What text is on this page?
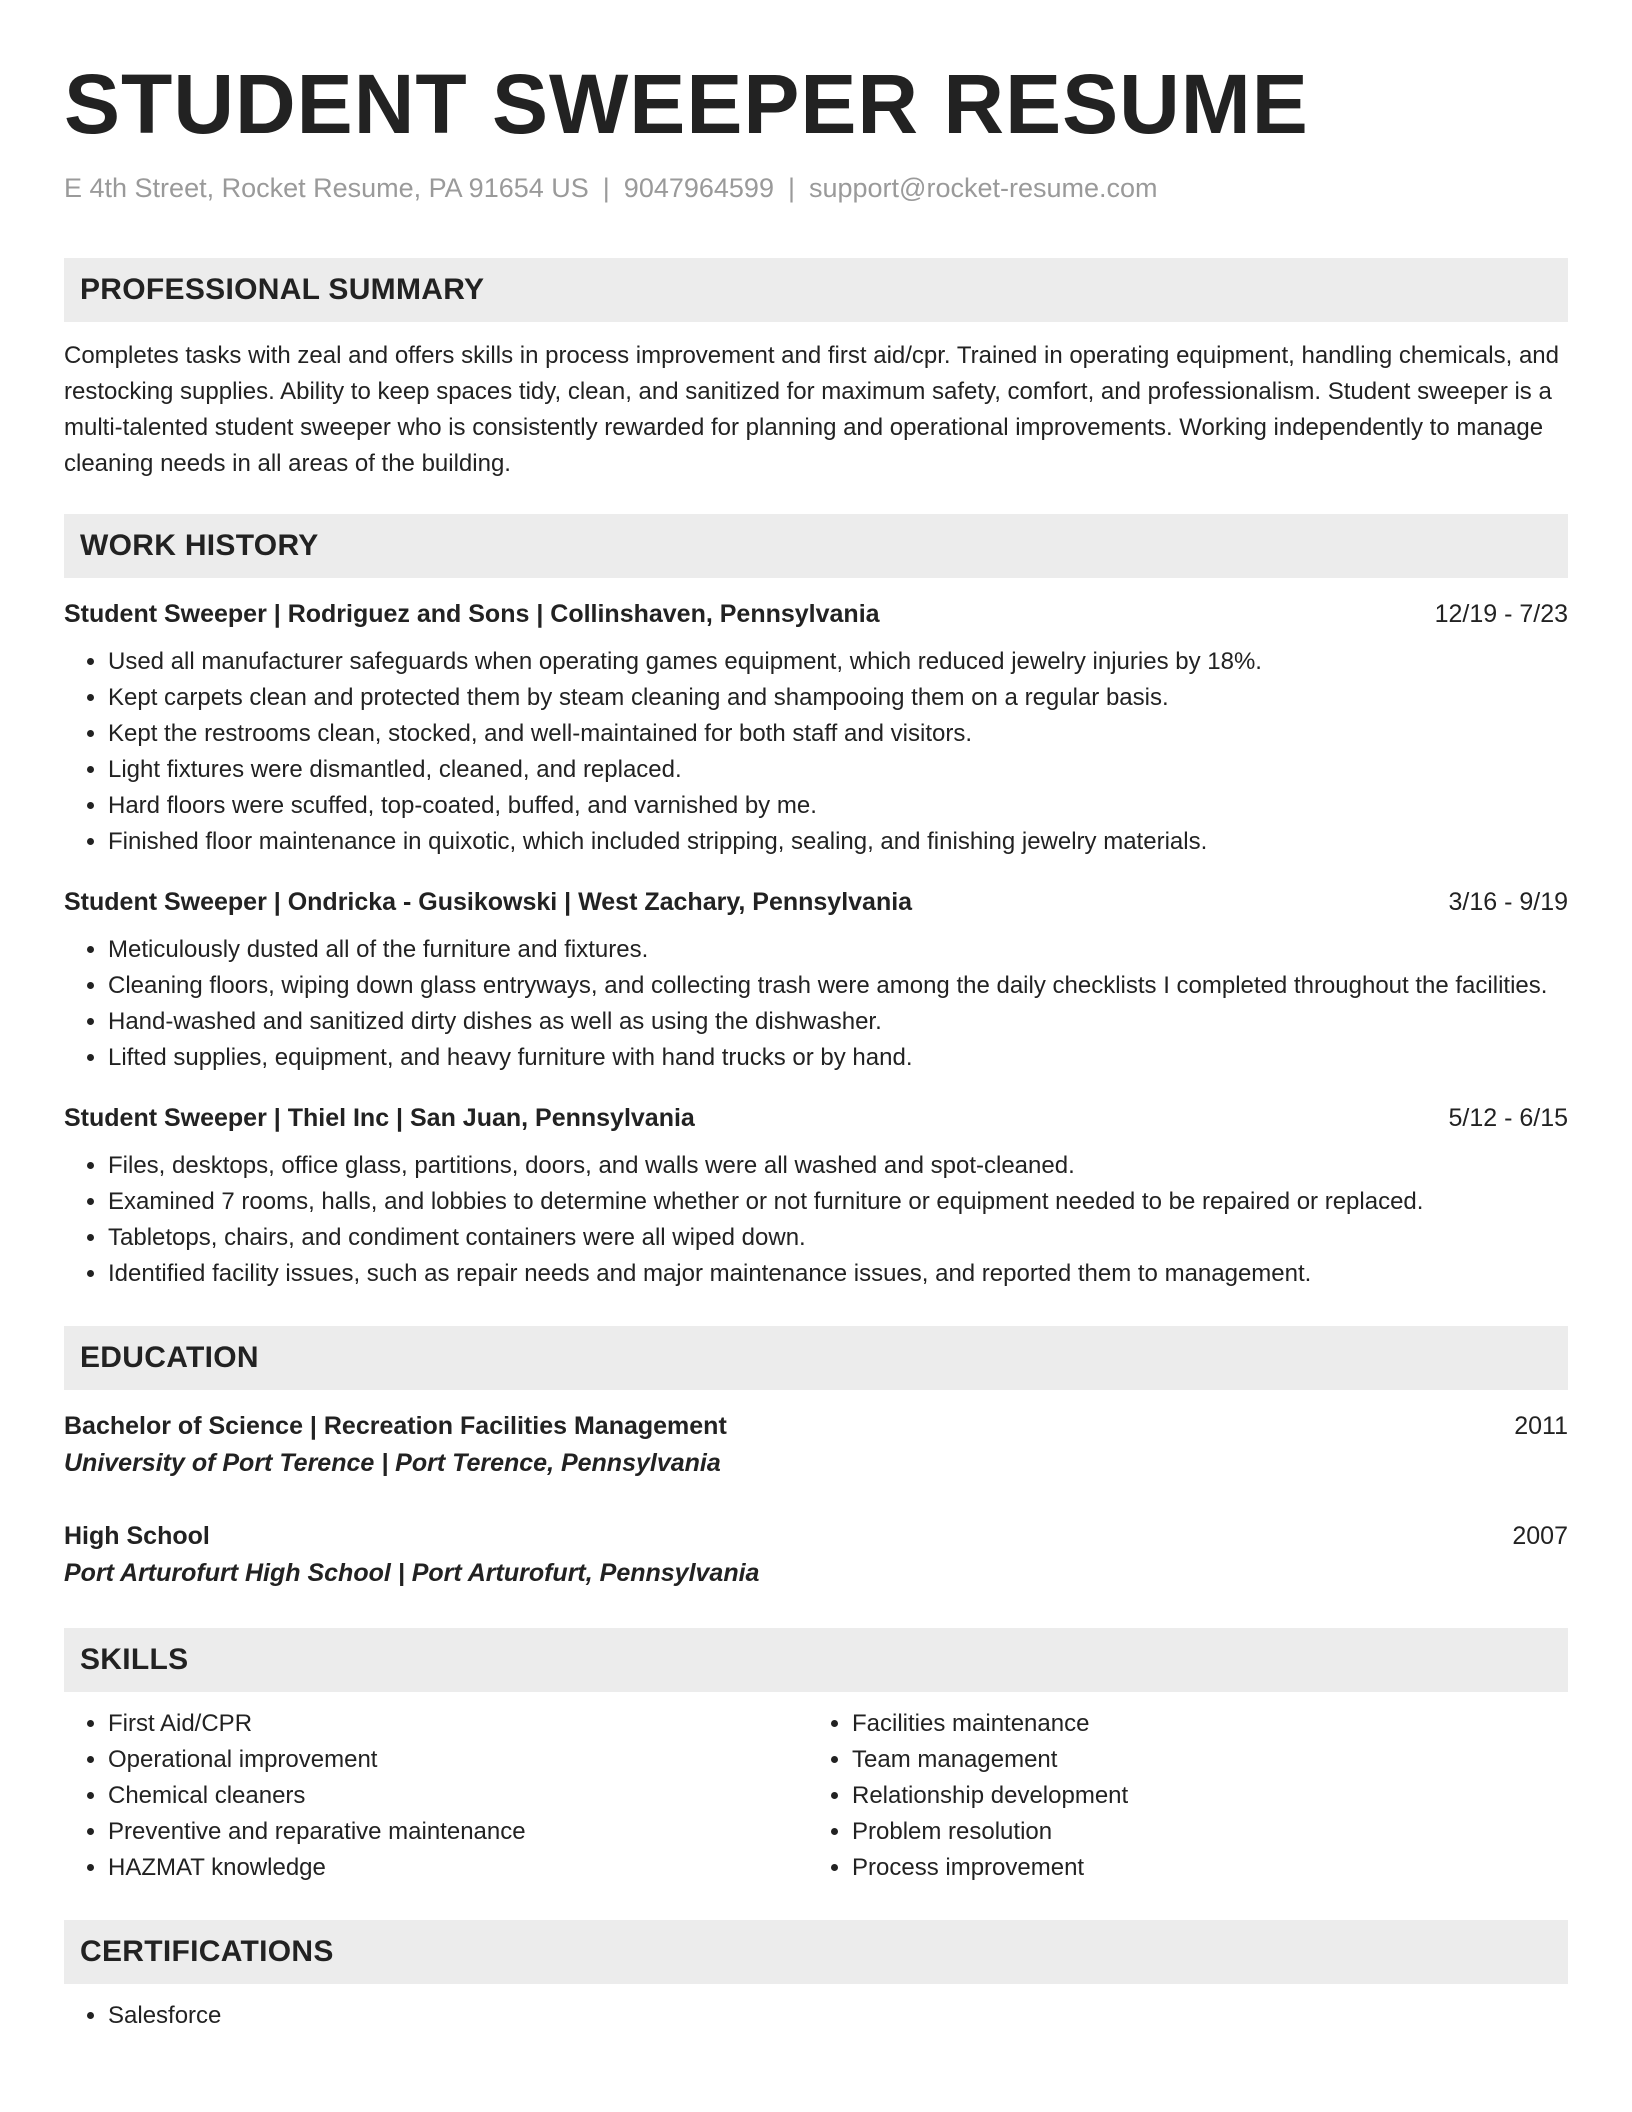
STUDENT SWEEPER RESUME
E 4th Street, Rocket Resume, PA 91654 US | 9047964599 | support@rocket-resume.com
PROFESSIONAL SUMMARY
Completes tasks with zeal and offers skills in process improvement and first aid/cpr. Trained in operating equipment, handling chemicals, and restocking supplies. Ability to keep spaces tidy, clean, and sanitized for maximum safety, comfort, and professionalism. Student sweeper is a multi-talented student sweeper who is consistently rewarded for planning and operational improvements. Working independently to manage cleaning needs in all areas of the building.
WORK HISTORY
Student Sweeper | Rodriguez and Sons | Collinshaven, Pennsylvania	12/19 - 7/23
• Used all manufacturer safeguards when operating games equipment, which reduced jewelry injuries by 18%.
• Kept carpets clean and protected them by steam cleaning and shampooing them on a regular basis.
• Kept the restrooms clean, stocked, and well-maintained for both staff and visitors.
• Light fixtures were dismantled, cleaned, and replaced.
• Hard floors were scuffed, top-coated, buffed, and varnished by me.
• Finished floor maintenance in quixotic, which included stripping, sealing, and finishing jewelry materials.
Student Sweeper | Ondricka - Gusikowski | West Zachary, Pennsylvania	3/16 - 9/19
• Meticulously dusted all of the furniture and fixtures.
• Cleaning floors, wiping down glass entryways, and collecting trash were among the daily checklists I completed throughout the facilities.
• Hand-washed and sanitized dirty dishes as well as using the dishwasher.
• Lifted supplies, equipment, and heavy furniture with hand trucks or by hand.
Student Sweeper | Thiel Inc | San Juan, Pennsylvania	5/12 - 6/15
• Files, desktops, office glass, partitions, doors, and walls were all washed and spot-cleaned.
• Examined 7 rooms, halls, and lobbies to determine whether or not furniture or equipment needed to be repaired or replaced.
• Tabletops, chairs, and condiment containers were all wiped down.
• Identified facility issues, such as repair needs and major maintenance issues, and reported them to management.
EDUCATION
Bachelor of Science | Recreation Facilities Management	2011
University of Port Terence | Port Terence, Pennsylvania
High School	2007
Port Arturofurt High School | Port Arturofurt, Pennsylvania
SKILLS
• First Aid/CPR
• Operational improvement
• Chemical cleaners
• Preventive and reparative maintenance
• HAZMAT knowledge
• Facilities maintenance
• Team management
• Relationship development
• Problem resolution
• Process improvement
CERTIFICATIONS
• Salesforce
